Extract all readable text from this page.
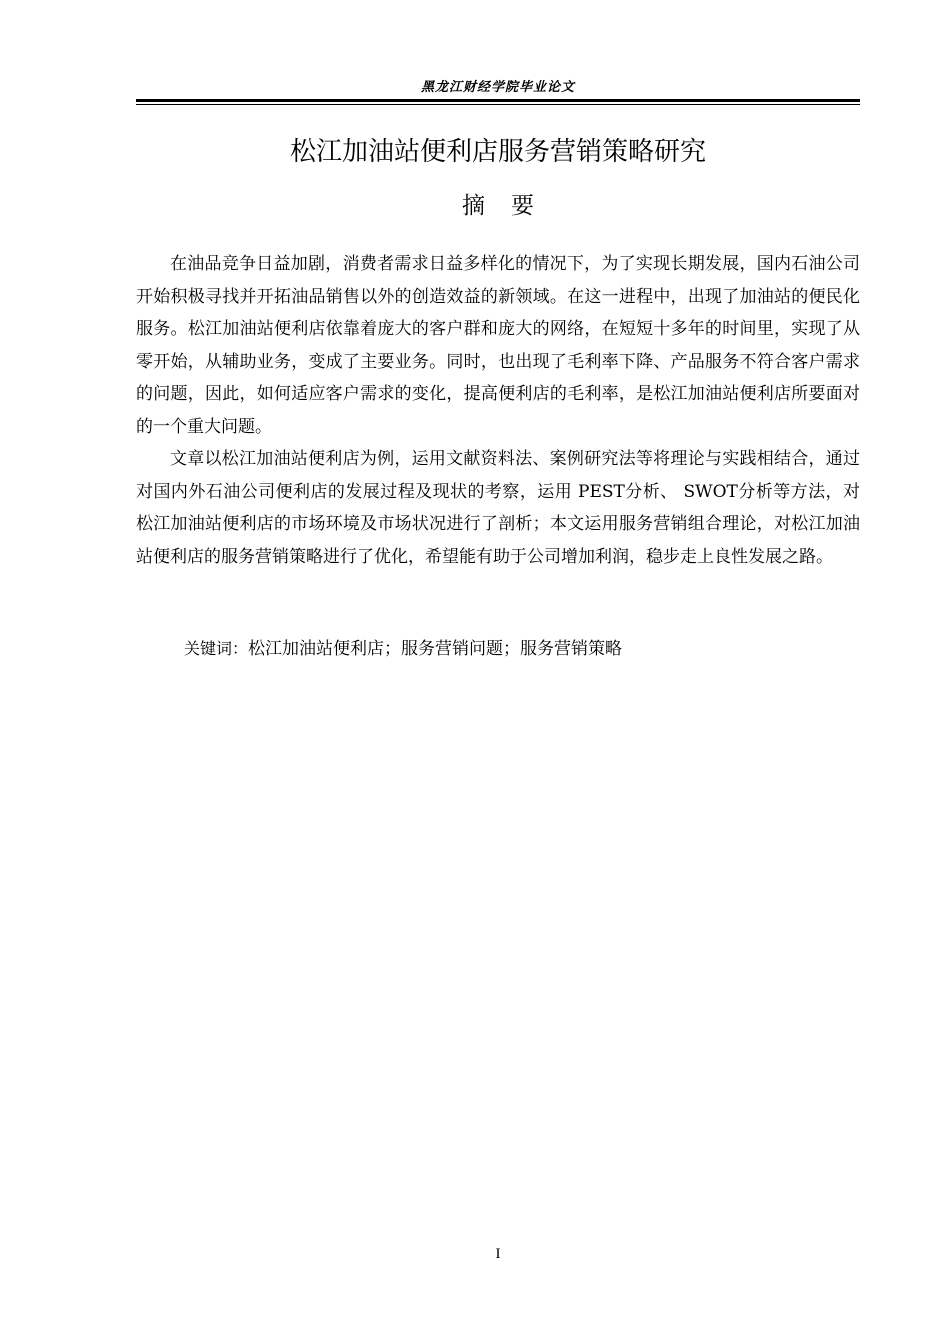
黑龙江财经学院毕业论文
松江加油站便利店服务营销策略研究
摘要

在油品竞争日益加剧，消费者需求日益多样化的情况下，为了实现长期发展，国内石油公司开始积极寻找并开拓油品销售以外的创造效益的新领域。在这一进程中，出现了加油站的便民化服务。松江加油站便利店依靠着庞大的客户群和庞大的网络，在短短十多年的时间里，实现了从零开始，从辅助业务，变成了主要业务。同时，也出现了毛利率下降、产品服务不符合客户需求的问题，因此，如何适应客户需求的变化，提高便利店的毛利率，是松江加油站便利店所要面对的一个重大问题。

文章以松江加油站便利店为例，运用文献资料法、案例研究法等将理论与实践相结合，通过对国内外石油公司便利店的发展过程及现状的考察，运用 PEST分析、 SWOT分析等方法，对松江加油站便利店的市场环境及市场状况进行了剖析；本文运用服务营销组合理论，对松江加油站便利店的服务营销策略进行了优化，希望能有助于公司增加利润，稳步走上良性发展之路。

关键词：松江加油站便利店；服务营销问题；服务营销策略
I
